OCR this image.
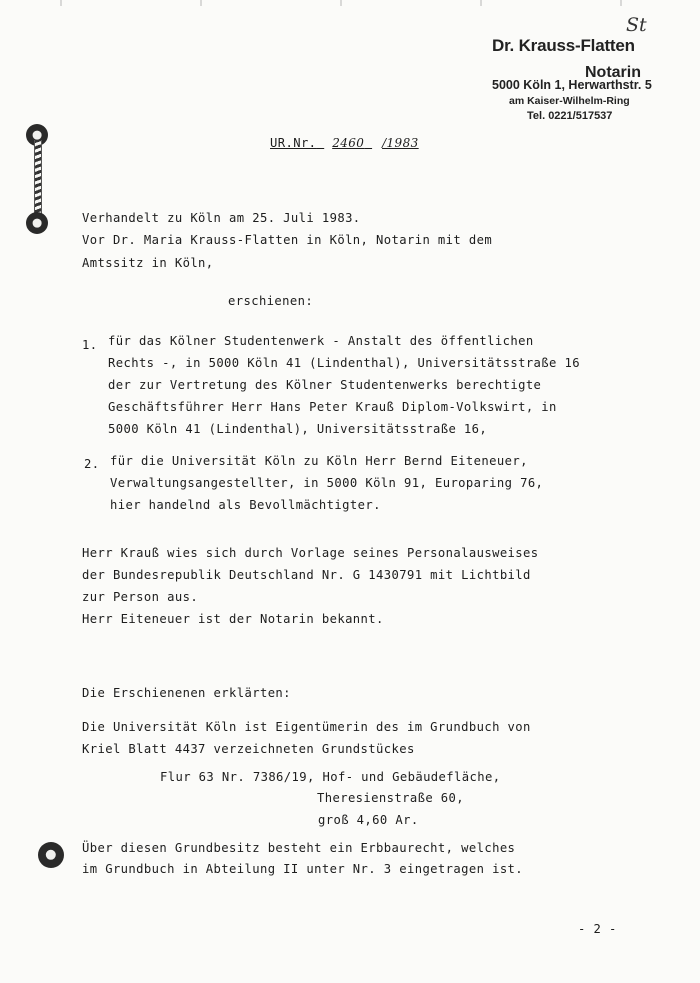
Dr. Krauss-Flatten
Notarin
5000 Köln 1, Herwarthstr. 5
am Kaiser-Wilhelm-Ring
Tel. 0221/517537
St
UR.Nr. 2460 /1983
Verhandelt zu Köln am 25. Juli 1983.
Vor Dr. Maria Krauss-Flatten in Köln, Notarin mit dem
Amtssitz in Köln,
erschienen:
1. für das Kölner Studentenwerk - Anstalt des öffentlichen
Rechts -, in 5000 Köln 41 (Lindenthal), Universitätsstraße 16
der zur Vertretung des Kölner Studentenwerks berechtigte
Geschäftsführer Herr Hans Peter Krauß Diplom-Volkswirt, in
5000 Köln 41 (Lindenthal), Universitätsstraße 16,
2. für die Universität Köln zu Köln Herr Bernd Eiteneuer,
Verwaltungsangestellter, in 5000 Köln 91, Europaring 76,
hier handelnd als Bevollmächtigter.
Herr Krauß wies sich durch Vorlage seines Personalausweises
der Bundesrepublik Deutschland Nr. G 1430791 mit Lichtbild
zur Person aus.
Herr Eiteneuer ist der Notarin bekannt.
Die Erschienenen erklärten:
Die Universität Köln ist Eigentümerin des im Grundbuch von
Kriel Blatt 4437 verzeichneten Grundstückes
Flur 63 Nr. 7386/19, Hof- und Gebäudefläche,
Theresienstraße 60,
groß 4,60 Ar.
Über diesen Grundbesitz besteht ein Erbbaurecht, welches
im Grundbuch in Abteilung II unter Nr. 3 eingetragen ist.
- 2 -
